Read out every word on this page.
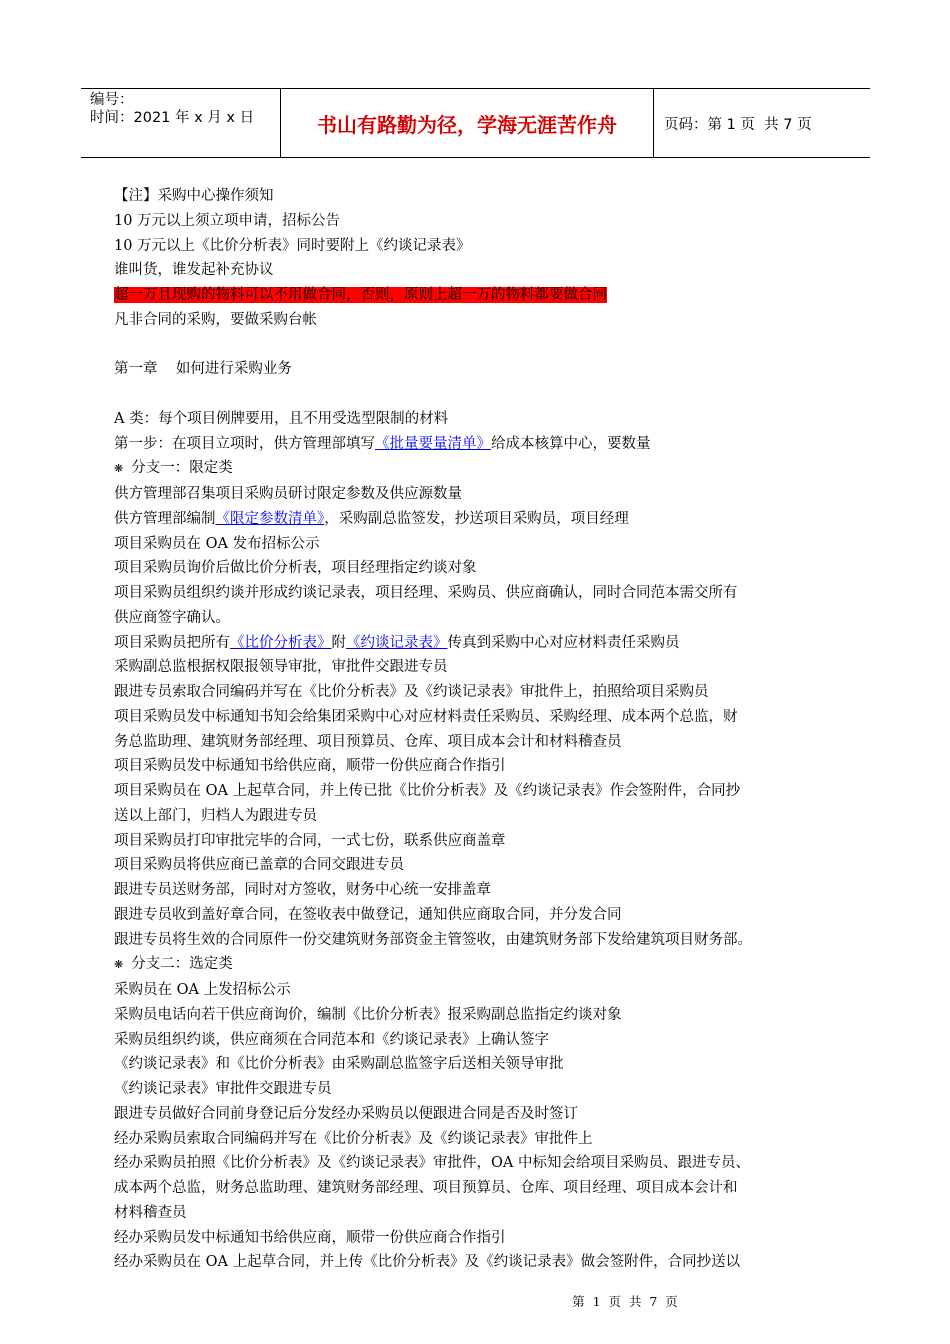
编号：
时间：2021 年 x 月 x 日	书山有路勤为径，学海无涯苦作舟	页码：第 1 页  共 7 页
【注】采购中心操作须知
10 万元以上须立项申请，招标公告
10 万元以上《比价分析表》同时要附上《约谈记录表》
谁叫货，谁发起补充协议
超一万且现购的物料可以不用做合同，否则，原则上超一万的物料都要做合同
凡非合同的采购，要做采购台帐
第一章    如何进行采购业务
A 类：每个项目例牌要用，且不用受选型限制的材料
第一步：在项目立项时，供方管理部填写《批量要量清单》给成本核算中心，要数量
❋ 分支一：限定类
供方管理部召集项目采购员研讨限定参数及供应源数量
供方管理部编制《限定参数清单》，采购副总监签发，抄送项目采购员，项目经理
项目采购员在 OA 发布招标公示
项目采购员询价后做比价分析表，项目经理指定约谈对象
项目采购员组织约谈并形成约谈记录表，项目经理、采购员、供应商确认，同时合同范本需交所有
供应商签字确认。
项目采购员把所有《比价分析表》附《约谈记录表》传真到采购中心对应材料责任采购员
采购副总监根据权限报领导审批，审批件交跟进专员
跟进专员索取合同编码并写在《比价分析表》及《约谈记录表》审批件上，拍照给项目采购员
项目采购员发中标通知书知会给集团采购中心对应材料责任采购员、采购经理、成本两个总监，财
务总监助理、建筑财务部经理、项目预算员、仓库、项目成本会计和材料稽查员
项目采购员发中标通知书给供应商，顺带一份供应商合作指引
项目采购员在 OA 上起草合同，并上传已批《比价分析表》及《约谈记录表》作会签附件，合同抄
送以上部门，归档人为跟进专员
项目采购员打印审批完毕的合同，一式七份，联系供应商盖章
项目采购员将供应商已盖章的合同交跟进专员
跟进专员送财务部，同时对方签收，财务中心统一安排盖章
跟进专员收到盖好章合同，在签收表中做登记，通知供应商取合同，并分发合同
跟进专员将生效的合同原件一份交建筑财务部资金主管签收，由建筑财务部下发给建筑项目财务部。
❋ 分支二：选定类
采购员在 OA 上发招标公示
采购员电话向若干供应商询价，编制《比价分析表》报采购副总监指定约谈对象
采购员组织约谈，供应商须在合同范本和《约谈记录表》上确认签字
《约谈记录表》和《比价分析表》由采购副总监签字后送相关领导审批
《约谈记录表》审批件交跟进专员
跟进专员做好合同前身登记后分发经办采购员以便跟进合同是否及时签订
经办采购员索取合同编码并写在《比价分析表》及《约谈记录表》审批件上
经办采购员拍照《比价分析表》及《约谈记录表》审批件，OA 中标知会给项目采购员、跟进专员、
成本两个总监，财务总监助理、建筑财务部经理、项目预算员、仓库、项目经理、项目成本会计和
材料稽查员
经办采购员发中标通知书给供应商，顺带一份供应商合作指引
经办采购员在 OA 上起草合同，并上传《比价分析表》及《约谈记录表》做会签附件，合同抄送以
第  1  页  共  7  页
